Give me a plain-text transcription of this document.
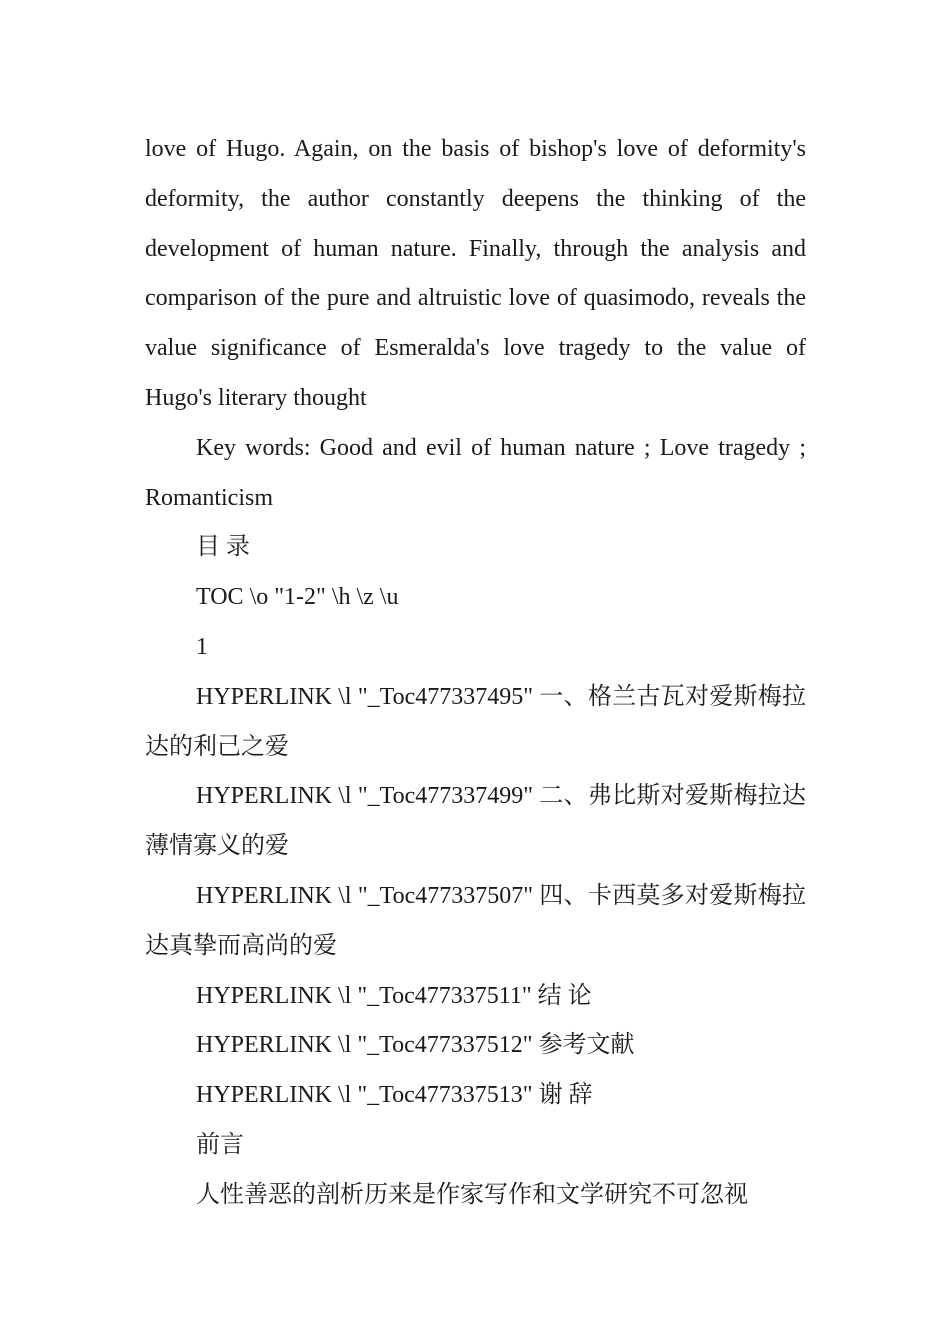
love of Hugo. Again, on the basis of bishop's love of deformity's deformity, the author constantly deepens the thinking of the development of human nature. Finally, through the analysis and comparison of the pure and altruistic love of quasimodo, reveals the value significance of Esmeralda's love tragedy to the value of Hugo's literary thought

Key words: Good and evil of human nature ; Love tragedy ; Romanticism

目 录

TOC \o "1-2" \h \z \u

1

HYPERLINK \l "_Toc477337495" 一、格兰古瓦对爱斯梅拉达的利己之爱

HYPERLINK \l "_Toc477337499" 二、弗比斯对爱斯梅拉达薄情寡义的爱

HYPERLINK \l "_Toc477337507" 四、卡西莫多对爱斯梅拉达真挚而高尚的爱

HYPERLINK \l "_Toc477337511" 结 论

HYPERLINK \l "_Toc477337512" 参考文献

HYPERLINK \l "_Toc477337513" 谢 辞

前言

人性善恶的剖析历来是作家写作和文学研究不可忽视
